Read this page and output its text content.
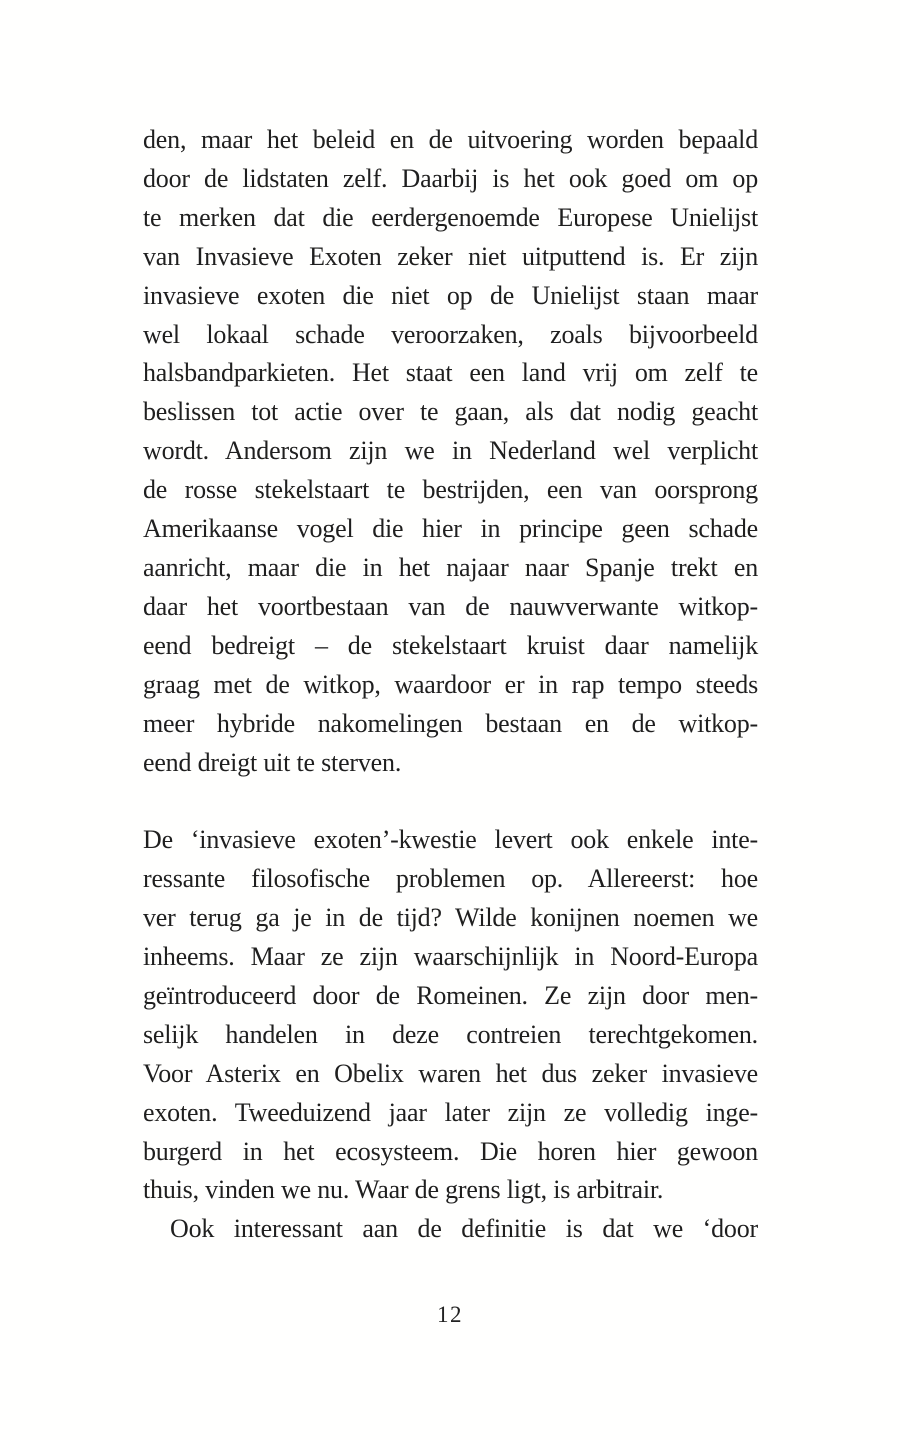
den, maar het beleid en de uitvoering worden bepaald
door de lidstaten zelf. Daarbij is het ook goed om op
te merken dat die eerdergenoemde Europese Unielijst
van Invasieve Exoten zeker niet uitputtend is. Er zijn
invasieve exoten die niet op de Unielijst staan maar
wel lokaal schade veroorzaken, zoals bijvoorbeeld
halsbandparkieten. Het staat een land vrij om zelf te
beslissen tot actie over te gaan, als dat nodig geacht
wordt. Andersom zijn we in Nederland wel verplicht
de rosse stekelstaart te bestrijden, een van oorsprong
Amerikaanse vogel die hier in principe geen schade
aanricht, maar die in het najaar naar Spanje trekt en
daar het voortbestaan van de nauwverwante witkop-
eend bedreigt – de stekelstaart kruist daar namelijk
graag met de witkop, waardoor er in rap tempo steeds
meer hybride nakomelingen bestaan en de witkop-
eend dreigt uit te sterven.
De ‘invasieve exoten’-kwestie levert ook enkele inte-
ressante filosofische problemen op. Allereerst: hoe
ver terug ga je in de tijd? Wilde konijnen noemen we
inheems. Maar ze zijn waarschijnlijk in Noord-Europa
geïntroduceerd door de Romeinen. Ze zijn door men-
selijk handelen in deze contreien terechtgekomen.
Voor Asterix en Obelix waren het dus zeker invasieve
exoten. Tweeduizend jaar later zijn ze volledig inge-
burgerd in het ecosysteem. Die horen hier gewoon
thuis, vinden we nu. Waar de grens ligt, is arbitrair.
Ook interessant aan de definitie is dat we ‘door
12
